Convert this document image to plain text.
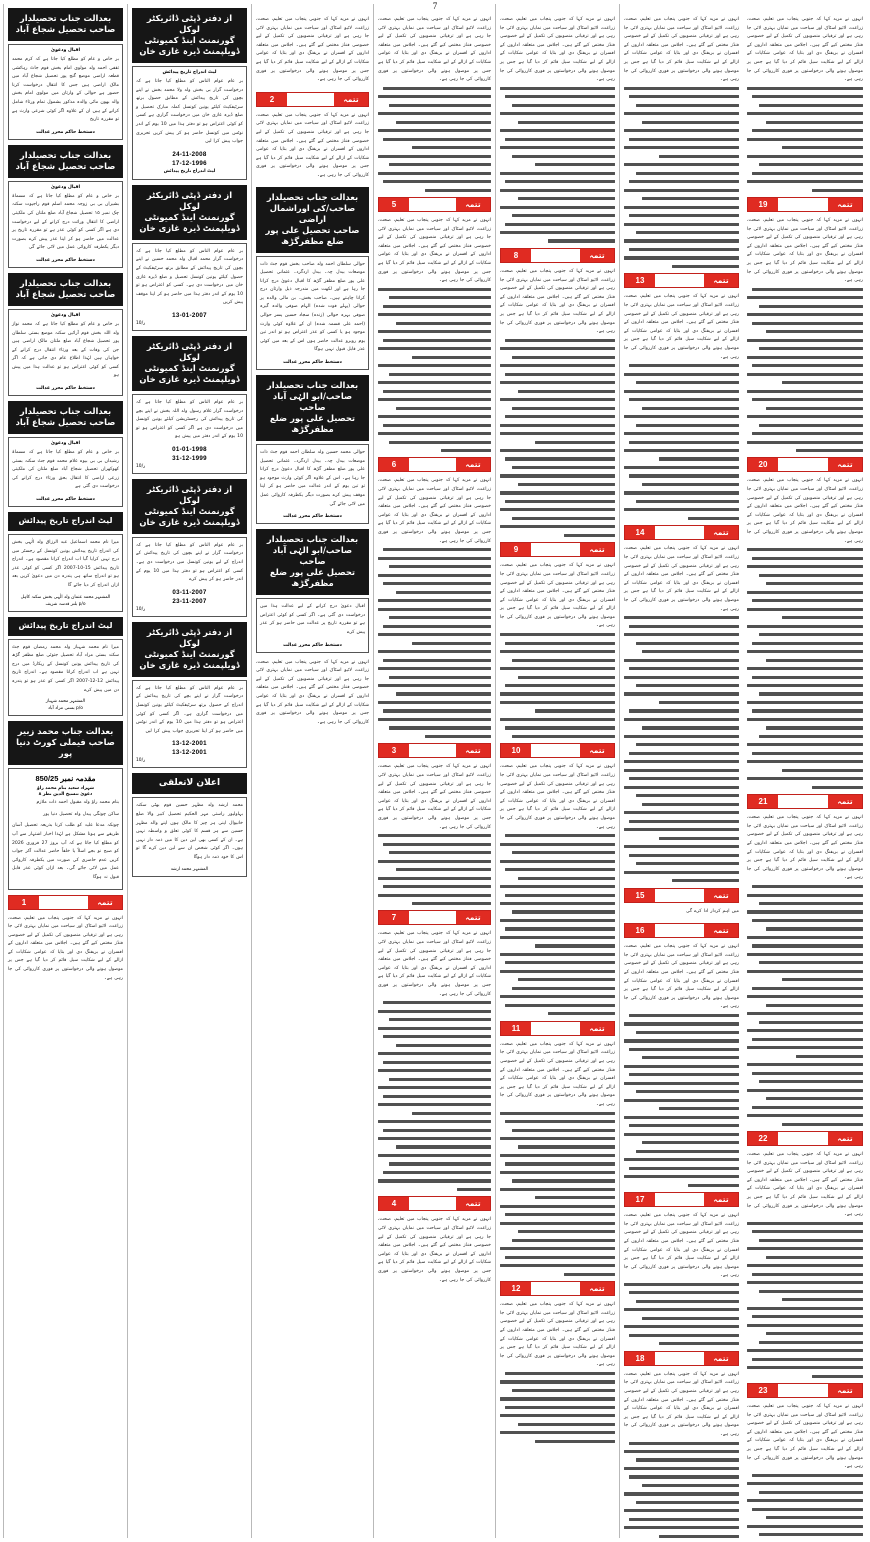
7
بعدالت جناب تحصیلدار
صاحب تحصیل شجاع آباد
اقبال ودعویٰ
بر خاص و عام کو مطلع کیا جاتا ہے کہ کرم محمد ثقفی احمد ولد مولوی امام بخش قوم جاٹ رہائشی قطعہ اراضی موضع گنج پور تحصیل شجاع آباد میں مالک اراضی ہیں جس کا انتقال درخواست کرنا حضور ہے حوالی کے وارثان میں مولوی امام بخش والد بھون مائی والدہ مذکور بشمول تمام ورثاء شامل کرانے کے ہیں ان کے علاوہ اگر کوئی شرعی وارث ہے تو مقررہ تاریخ
دستخط حاکم محرر عدالت
بعدالت جناب تحصیلدار
صاحب تحصیل شجاع آباد
اقبال ودعویٰ
بر خاص و عام کو مطلع کیا جاتا ہے کہ مسماۃ بشیراں بی بی زوجہ محمد اسلم قوم راجپوت سکنہ چک نمبر ۱۵ تحصیل شجاع آباد ضلع ملتان کی ملکیتی اراضی کا انتقال وراثت درج کرانے کے لیے درخواست دی ہے اگر کسی کو کوئی عذر ہے تو مقررہ تاریخ پر عدالت میں حاضر ہو کر اپنا عذر پیش کرے بصورت دیگر یکطرفہ کاروائی عمل میں لائی جائے گی
دستخط حاکم محرر عدالت
بعدالت جناب تحصیلدار
صاحب تحصیل شجاع آباد
اقبال ودعویٰ
بر خاص و عام کو مطلع کیا جاتا ہے کہ محمد نواز ولد اللہ بخش قوم آرائیں سکنہ موضع بستی سلطان پور تحصیل شجاع آباد ضلع ملتان مالک اراضی ہیں جن کی وفات کے بعد ورثاء انتقال درج کرانے کے خواہاں ہیں لہٰذا اطلاع عام دی جاتی ہے کہ اگر کسی کو کوئی اعتراض ہو تو عدالت ہذا میں پیش ہو
دستخط حاکم محرر عدالت
بعدالت جناب تحصیلدار
صاحب تحصیل شجاع آباد
اقبال ودعویٰ
بر خاص و عام کو مطلع کیا جاتا ہے کہ مسماۃ رشیداں بی بی بیوہ غلام محمد قوم جٹ سکنہ بستی کھوکھراں تحصیل شجاع آباد ضلع ملتان کی ملکیتی زرعی اراضی کا انتقال بحق ورثاء درج کرانے کی درخواست دی گئی ہے
دستخط حاکم محرر عدالت
لیٹ اندراج تاریخ پیدائش
میرا نام محمد اسماعیل عبد الرزاق ولد الٰہی بخش کی اندراج تاریخ پیدائش یونین کونسل کے رجسٹر میں درج نہیں کرایا گیا اب اندراج کرانا مقصود ہے۔ اندراج تاریخ پیدائش 15-10-2007 اگر کسی کو کوئی عذر ہو تو اندراج ساتھ ہی پندرہ دن میں دعویٰ کریں بعد ازاں اندراج کر دیا جائے گا
المشتہر محمد عثمان ولد الٰہی بخش سکنہ کاہل
p/o بلتر قدسہ شریف
لیٹ اندراج تاریخ پیدائش
میرا نام محمد شہباز ولد محمد رمضان قوم جٹ سکنہ بستی مراد آباد تحصیل جتوئی ضلع مظفر گڑھ کی تاریخ پیدائش یونین کونسل کے ریکارڈ میں درج نہیں ہے اب اندراج کرانا مقصود ہے۔ اندراج تاریخ پیدائش 12-12-2007 اگر کسی کو عذر ہو تو پندرہ دن میں پیش کرے
المشتہر محمد شہباز
p/o بستی مراد آباد
بعدالت جناب محمد زبیر
صاحب فیملی کورٹ دنیا پور
مقدمہ نمبر 850/25
شہزاد سعید بنام محمد راؤ
دعویٰ تنسیخ الدین نظر ۸
بنام محمد راؤ ولد مقبول احمد ذات ملازم
ساکن چونگی پیدل واہ تحصیل دنیا پور
چونکہ مدعا علیہ کو طلب کرنا بذریعہ تحصیل آسان طریقے سے ہونا مشکل ہے لہٰذا اخبار اشتہار سے آپ کو مطلع کیا جاتا ہے کہ آپ بروز 27 فروری 2026 کو صبح نو بجے اسلاً یا خلفاً حاضر عدالت آکر جواب کریں عدم حاضری کی صورت میں یکطرفہ کاروائی عمل میں لائی جائے گی۔ بعد ازاں کوئی عذر قابل قبول نہ ہوگا
1	تتمہ
انہوں نے مزید کہا کہ جنوبی پنجاب میں تعلیم، صحت، زراعت، لائیو اسٹاک اور سیاحت میں نمایاں بہتری لائی جا رہی ہے اور ترقیاتی منصوبوں کی تکمیل کے لیے خصوصی فنڈز مختص کیے گئے ہیں۔ اجلاس میں متعلقہ اداروں کے افسران نے بریفنگ دی اور بتایا کہ عوامی شکایات کے ازالے کے لیے شکایت سیل قائم کر دیا گیا ہے جس پر موصول ہونے والی درخواستوں پر فوری کارروائی کی جا رہی ہے۔
از دفتر ڈپٹی ڈائریکٹر لوکل
گورنمنٹ اینڈ کمیونٹی
ڈویلپمنٹ ڈیرہ غازی خان
لیٹ اندراج تاریخ پیدائش
بر عام عوام الناس کو مطلع کیا جاتا ہے کہ درخواست گزار بی بخش ولد ولا محمد بخش نے اپنے بچوں کی تاریخ پیدائش کے مطابق حصول برتھ سرٹیفکیٹ کیلئے یونین کونسل کملہ مبارک تحصیل و ضلع ڈیرہ غازی خان میں درخواست گزاری ہے کسی کو کوئی اعتراض ہو تو دفتر ہذا میں 10 یوم کے اندر نوٹس میں کونسل حاضر ہو کر پیش کریں تحریری جواب پیش کرا لیں
24-11-2008
17-12-1996
لیٹ اندراج تاریخ پیدائش
از دفتر ڈپٹی ڈائریکٹر لوکل
گورنمنٹ اینڈ کمیونٹی
ڈویلپمنٹ ڈیرہ غازی خان
بر عام عوام الناس کو مطلع کیا جاتا ہے کہ درخواست گزار محمد اقبال ولد محمد حسین نے اپنے بچوں کی تاریخ پیدائش کے مطابق برتھ سرٹیفکیٹ کے حصول کیلئے یونین کونسل تحصیل و ضلع ڈیرہ غازی خان میں درخواست دی ہے۔ کسی کو اعتراض ہو تو 10 یوم کے اندر دفتر ہذا میں حاضر ہو کر اپنا موقف پیش کریں
13-01-2007
ر/10
از دفتر ڈپٹی ڈائریکٹر لوکل
گورنمنٹ اینڈ کمیونٹی
ڈویلپمنٹ ڈیرہ غازی خان
بر عام عوام الناس کو مطلع کیا جاتا ہے کہ درخواست گزار غلام رسول ولد اللہ بخش نے اپنے بچے کی تاریخ پیدائش کی رجسٹریشن کیلئے یونین کونسل میں درخواست دی ہے اگر کسی کو اعتراض ہو تو 10 یوم کے اندر دفتر میں پیش ہو
01-01-1998
31-12-1999
ر/10
از دفتر ڈپٹی ڈائریکٹر لوکل
گورنمنٹ اینڈ کمیونٹی
ڈویلپمنٹ ڈیرہ غازی خان
بر عام عوام الناس کو مطلع کیا جاتا ہے کہ درخواست گزار نے اپنے بچوں کی تاریخ پیدائش کے اندراج کے لیے یونین کونسل میں درخواست دی ہے۔ کسی کو اعتراض ہو تو دفتر ہذا میں 10 یوم کے اندر حاضر ہو کر پیش کرے
03-11-2007
23-11-2007
ر/10
از دفتر ڈپٹی ڈائریکٹر لوکل
گورنمنٹ اینڈ کمیونٹی
ڈویلپمنٹ ڈیرہ غازی خان
بر عام عوام الناس کو مطلع کیا جاتا ہے کہ درخواست گزار نے اپنے بچے کی تاریخ پیدائش کے اندراج کے حصول برتھ سرٹیفکیٹ کیلئے یونین کونسل میں درخواست گزاری ہے۔ اگر کسی کو کوئی اعتراض ہو تو دفتر ہذا میں 10 یوم کے اندر نوٹس میں حاضر ہو کر اپنا تحریری جواب پیش کرا لیں
13-12-2001
13-12-2001
ر/10
اعلان لاتعلقی
محمد ارشد ولد مظہر حسین قوم بھٹی سکنہ بہاولپور راستی مہر الحکیم تحصیل کبیر والا ضلع خانیوال اپنی ہر چیز کا مالک ہوں اپنے والد مظہر حسین سے ہر قسم کا کوئی تعلق و واسطہ نہیں ہے۔ ان کے کسی بھی لین دین کا میں ذمہ دار نہیں ہوں۔ اگر کوئی شخص ان سے لین دین کرے گا تو اس کا خود ذمہ دار ہوگا
المشتہر محمد ارشد
انہوں نے مزید کہا کہ جنوبی پنجاب میں تعلیم، صحت، زراعت، لائیو اسٹاک اور سیاحت میں نمایاں بہتری لائی جا رہی ہے اور ترقیاتی منصوبوں کی تکمیل کے لیے خصوصی فنڈز مختص کیے گئے ہیں۔ اجلاس میں متعلقہ اداروں کے افسران نے بریفنگ دی اور بتایا کہ عوامی شکایات کے ازالے کے لیے شکایت سیل قائم کر دیا گیا ہے جس پر موصول ہونے والی درخواستوں پر فوری کارروائی کی جا رہی ہے۔
2	تتمہ
انہوں نے مزید کہا کہ جنوبی پنجاب میں تعلیم، صحت، زراعت، لائیو اسٹاک اور سیاحت میں نمایاں بہتری لائی جا رہی ہے اور ترقیاتی منصوبوں کی تکمیل کے لیے خصوصی فنڈز مختص کیے گئے ہیں۔ اجلاس میں متعلقہ اداروں کے افسران نے بریفنگ دی اور بتایا کہ عوامی شکایات کے ازالے کے لیے شکایت سیل قائم کر دیا گیا ہے جس پر موصول ہونے والی درخواستوں پر فوری کارروائی کی جا رہی ہے۔
بعدالت جناب تحصیلدار
صاحب/کی اوراشمال اراضی
صاحب تحصیل علی پور ضلع مظفرگڑھ
حوالی سلطان احمد ولد صاحب بخش قوم جٹ ذات موضعات بیدل چہ۔ بیدل اردگرد۔ عثمانی تحصیل علی پور ضلع مظفر گڑھ کا اقبال دعویٰ درج کرانا جا رہا ہے اور لکھت میں مندرجہ ذیل وارثان درج کرانا چاہتے ہیں۔ صاحب بخش۔ بن مالی والدہ پر حوالی (پہلے فوت شدہ) الہام صوفی والدہ گیرہ صوفی بہرہ حوالی (زندہ) سجاد حسین پسر حوالی (احمد علی قسمہ شدہ) ان کے علاوہ کوئی وارث موجود ہو یا کسی کو عذر اعتراض ہو تو اندر تین یوم روبرو عدالت حاضر ہوں اس کے بعد میں کوئی عذر قابل قبول نہیں ہوگا
دستخط حاکم محرر عدالت
بعدالت جناب تحصیلدار
صاحب/ابو الہٰی آباد صاحب
تحصیل علی پور ضلع مظفرگڑھ
حوالی محمد حسین ولد سلطان احمد قوم جٹ ذات موضعات بیدل چہ۔ بیدل اردگرد۔ عثمانی تحصیل علی پور ضلع مظفر گڑھ کا اقبال دعویٰ درج کرانا جا رہا ہے۔ اس کے علاوہ اگر کوئی وارث موجود ہو تو تین یوم کے اندر عدالت میں حاضر ہو کر اپنا موقف پیش کرے بصورت دیگر یکطرفہ کاروائی عمل میں لائی جائے گی
دستخط حاکم محرر عدالت
بعدالت جناب تحصیلدار
صاحب/ابو الہٰی آباد صاحب
تحصیل علی پور ضلع مظفرگڑھ
اقبال دعویٰ درج کرانے کے لیے عدالت ہذا میں درخواست دی گئی ہے۔ اگر کسی کو کوئی اعتراض ہے تو مقررہ تاریخ پر عدالت میں حاضر ہو کر عذر پیش کرے
دستخط حاکم محرر عدالت
انہوں نے مزید کہا کہ جنوبی پنجاب میں تعلیم، صحت، زراعت، لائیو اسٹاک اور سیاحت میں نمایاں بہتری لائی جا رہی ہے اور ترقیاتی منصوبوں کی تکمیل کے لیے خصوصی فنڈز مختص کیے گئے ہیں۔ اجلاس میں متعلقہ اداروں کے افسران نے بریفنگ دی اور بتایا کہ عوامی شکایات کے ازالے کے لیے شکایت سیل قائم کر دیا گیا ہے جس پر موصول ہونے والی درخواستوں پر فوری کارروائی کی جا رہی ہے۔
انہوں نے مزید کہا کہ جنوبی پنجاب میں تعلیم، صحت، زراعت، لائیو اسٹاک اور سیاحت میں نمایاں بہتری لائی جا رہی ہے اور ترقیاتی منصوبوں کی تکمیل کے لیے خصوصی فنڈز مختص کیے گئے ہیں۔ اجلاس میں متعلقہ اداروں کے افسران نے بریفنگ دی اور بتایا کہ عوامی شکایات کے ازالے کے لیے شکایت سیل قائم کر دیا گیا ہے جس پر موصول ہونے والی درخواستوں پر فوری کارروائی کی جا رہی ہے۔
5	تتمہ
انہوں نے مزید کہا کہ جنوبی پنجاب میں تعلیم، صحت، زراعت، لائیو اسٹاک اور سیاحت میں نمایاں بہتری لائی جا رہی ہے اور ترقیاتی منصوبوں کی تکمیل کے لیے خصوصی فنڈز مختص کیے گئے ہیں۔ اجلاس میں متعلقہ اداروں کے افسران نے بریفنگ دی اور بتایا کہ عوامی شکایات کے ازالے کے لیے شکایت سیل قائم کر دیا گیا ہے جس پر موصول ہونے والی درخواستوں پر فوری کارروائی کی جا رہی ہے۔
6	تتمہ
انہوں نے مزید کہا کہ جنوبی پنجاب میں تعلیم، صحت، زراعت، لائیو اسٹاک اور سیاحت میں نمایاں بہتری لائی جا رہی ہے اور ترقیاتی منصوبوں کی تکمیل کے لیے خصوصی فنڈز مختص کیے گئے ہیں۔ اجلاس میں متعلقہ اداروں کے افسران نے بریفنگ دی اور بتایا کہ عوامی شکایات کے ازالے کے لیے شکایت سیل قائم کر دیا گیا ہے جس پر موصول ہونے والی درخواستوں پر فوری کارروائی کی جا رہی ہے۔
3	تتمہ
انہوں نے مزید کہا کہ جنوبی پنجاب میں تعلیم، صحت، زراعت، لائیو اسٹاک اور سیاحت میں نمایاں بہتری لائی جا رہی ہے اور ترقیاتی منصوبوں کی تکمیل کے لیے خصوصی فنڈز مختص کیے گئے ہیں۔ اجلاس میں متعلقہ اداروں کے افسران نے بریفنگ دی اور بتایا کہ عوامی شکایات کے ازالے کے لیے شکایت سیل قائم کر دیا گیا ہے جس پر موصول ہونے والی درخواستوں پر فوری کارروائی کی جا رہی ہے۔
7	تتمہ
انہوں نے مزید کہا کہ جنوبی پنجاب میں تعلیم، صحت، زراعت، لائیو اسٹاک اور سیاحت میں نمایاں بہتری لائی جا رہی ہے اور ترقیاتی منصوبوں کی تکمیل کے لیے خصوصی فنڈز مختص کیے گئے ہیں۔ اجلاس میں متعلقہ اداروں کے افسران نے بریفنگ دی اور بتایا کہ عوامی شکایات کے ازالے کے لیے شکایت سیل قائم کر دیا گیا ہے جس پر موصول ہونے والی درخواستوں پر فوری کارروائی کی جا رہی ہے۔
4	تتمہ
انہوں نے مزید کہا کہ جنوبی پنجاب میں تعلیم، صحت، زراعت، لائیو اسٹاک اور سیاحت میں نمایاں بہتری لائی جا رہی ہے اور ترقیاتی منصوبوں کی تکمیل کے لیے خصوصی فنڈز مختص کیے گئے ہیں۔ اجلاس میں متعلقہ اداروں کے افسران نے بریفنگ دی اور بتایا کہ عوامی شکایات کے ازالے کے لیے شکایت سیل قائم کر دیا گیا ہے جس پر موصول ہونے والی درخواستوں پر فوری کارروائی کی جا رہی ہے۔
انہوں نے مزید کہا کہ جنوبی پنجاب میں تعلیم، صحت، زراعت، لائیو اسٹاک اور سیاحت میں نمایاں بہتری لائی جا رہی ہے اور ترقیاتی منصوبوں کی تکمیل کے لیے خصوصی فنڈز مختص کیے گئے ہیں۔ اجلاس میں متعلقہ اداروں کے افسران نے بریفنگ دی اور بتایا کہ عوامی شکایات کے ازالے کے لیے شکایت سیل قائم کر دیا گیا ہے جس پر موصول ہونے والی درخواستوں پر فوری کارروائی کی جا رہی ہے۔
8	تتمہ
انہوں نے مزید کہا کہ جنوبی پنجاب میں تعلیم، صحت، زراعت، لائیو اسٹاک اور سیاحت میں نمایاں بہتری لائی جا رہی ہے اور ترقیاتی منصوبوں کی تکمیل کے لیے خصوصی فنڈز مختص کیے گئے ہیں۔ اجلاس میں متعلقہ اداروں کے افسران نے بریفنگ دی اور بتایا کہ عوامی شکایات کے ازالے کے لیے شکایت سیل قائم کر دیا گیا ہے جس پر موصول ہونے والی درخواستوں پر فوری کارروائی کی جا رہی ہے۔
9	تتمہ
انہوں نے مزید کہا کہ جنوبی پنجاب میں تعلیم، صحت، زراعت، لائیو اسٹاک اور سیاحت میں نمایاں بہتری لائی جا رہی ہے اور ترقیاتی منصوبوں کی تکمیل کے لیے خصوصی فنڈز مختص کیے گئے ہیں۔ اجلاس میں متعلقہ اداروں کے افسران نے بریفنگ دی اور بتایا کہ عوامی شکایات کے ازالے کے لیے شکایت سیل قائم کر دیا گیا ہے جس پر موصول ہونے والی درخواستوں پر فوری کارروائی کی جا رہی ہے۔
10	تتمہ
انہوں نے مزید کہا کہ جنوبی پنجاب میں تعلیم، صحت، زراعت، لائیو اسٹاک اور سیاحت میں نمایاں بہتری لائی جا رہی ہے اور ترقیاتی منصوبوں کی تکمیل کے لیے خصوصی فنڈز مختص کیے گئے ہیں۔ اجلاس میں متعلقہ اداروں کے افسران نے بریفنگ دی اور بتایا کہ عوامی شکایات کے ازالے کے لیے شکایت سیل قائم کر دیا گیا ہے جس پر موصول ہونے والی درخواستوں پر فوری کارروائی کی جا رہی ہے۔
11	تتمہ
انہوں نے مزید کہا کہ جنوبی پنجاب میں تعلیم، صحت، زراعت، لائیو اسٹاک اور سیاحت میں نمایاں بہتری لائی جا رہی ہے اور ترقیاتی منصوبوں کی تکمیل کے لیے خصوصی فنڈز مختص کیے گئے ہیں۔ اجلاس میں متعلقہ اداروں کے افسران نے بریفنگ دی اور بتایا کہ عوامی شکایات کے ازالے کے لیے شکایت سیل قائم کر دیا گیا ہے جس پر موصول ہونے والی درخواستوں پر فوری کارروائی کی جا رہی ہے۔
12	تتمہ
انہوں نے مزید کہا کہ جنوبی پنجاب میں تعلیم، صحت، زراعت، لائیو اسٹاک اور سیاحت میں نمایاں بہتری لائی جا رہی ہے اور ترقیاتی منصوبوں کی تکمیل کے لیے خصوصی فنڈز مختص کیے گئے ہیں۔ اجلاس میں متعلقہ اداروں کے افسران نے بریفنگ دی اور بتایا کہ عوامی شکایات کے ازالے کے لیے شکایت سیل قائم کر دیا گیا ہے جس پر موصول ہونے والی درخواستوں پر فوری کارروائی کی جا رہی ہے۔
انہوں نے مزید کہا کہ جنوبی پنجاب میں تعلیم، صحت، زراعت، لائیو اسٹاک اور سیاحت میں نمایاں بہتری لائی جا رہی ہے اور ترقیاتی منصوبوں کی تکمیل کے لیے خصوصی فنڈز مختص کیے گئے ہیں۔ اجلاس میں متعلقہ اداروں کے افسران نے بریفنگ دی اور بتایا کہ عوامی شکایات کے ازالے کے لیے شکایت سیل قائم کر دیا گیا ہے جس پر موصول ہونے والی درخواستوں پر فوری کارروائی کی جا رہی ہے۔
13	تتمہ
انہوں نے مزید کہا کہ جنوبی پنجاب میں تعلیم، صحت، زراعت، لائیو اسٹاک اور سیاحت میں نمایاں بہتری لائی جا رہی ہے اور ترقیاتی منصوبوں کی تکمیل کے لیے خصوصی فنڈز مختص کیے گئے ہیں۔ اجلاس میں متعلقہ اداروں کے افسران نے بریفنگ دی اور بتایا کہ عوامی شکایات کے ازالے کے لیے شکایت سیل قائم کر دیا گیا ہے جس پر موصول ہونے والی درخواستوں پر فوری کارروائی کی جا رہی ہے۔
14	تتمہ
انہوں نے مزید کہا کہ جنوبی پنجاب میں تعلیم، صحت، زراعت، لائیو اسٹاک اور سیاحت میں نمایاں بہتری لائی جا رہی ہے اور ترقیاتی منصوبوں کی تکمیل کے لیے خصوصی فنڈز مختص کیے گئے ہیں۔ اجلاس میں متعلقہ اداروں کے افسران نے بریفنگ دی اور بتایا کہ عوامی شکایات کے ازالے کے لیے شکایت سیل قائم کر دیا گیا ہے جس پر موصول ہونے والی درخواستوں پر فوری کارروائی کی جا رہی ہے۔
15	تتمہ
میں اہم کردار ادا کرے گی
16	تتمہ
انہوں نے مزید کہا کہ جنوبی پنجاب میں تعلیم، صحت، زراعت، لائیو اسٹاک اور سیاحت میں نمایاں بہتری لائی جا رہی ہے اور ترقیاتی منصوبوں کی تکمیل کے لیے خصوصی فنڈز مختص کیے گئے ہیں۔ اجلاس میں متعلقہ اداروں کے افسران نے بریفنگ دی اور بتایا کہ عوامی شکایات کے ازالے کے لیے شکایت سیل قائم کر دیا گیا ہے جس پر موصول ہونے والی درخواستوں پر فوری کارروائی کی جا رہی ہے۔
17	تتمہ
انہوں نے مزید کہا کہ جنوبی پنجاب میں تعلیم، صحت، زراعت، لائیو اسٹاک اور سیاحت میں نمایاں بہتری لائی جا رہی ہے اور ترقیاتی منصوبوں کی تکمیل کے لیے خصوصی فنڈز مختص کیے گئے ہیں۔ اجلاس میں متعلقہ اداروں کے افسران نے بریفنگ دی اور بتایا کہ عوامی شکایات کے ازالے کے لیے شکایت سیل قائم کر دیا گیا ہے جس پر موصول ہونے والی درخواستوں پر فوری کارروائی کی جا رہی ہے۔
18	تتمہ
انہوں نے مزید کہا کہ جنوبی پنجاب میں تعلیم، صحت، زراعت، لائیو اسٹاک اور سیاحت میں نمایاں بہتری لائی جا رہی ہے اور ترقیاتی منصوبوں کی تکمیل کے لیے خصوصی فنڈز مختص کیے گئے ہیں۔ اجلاس میں متعلقہ اداروں کے افسران نے بریفنگ دی اور بتایا کہ عوامی شکایات کے ازالے کے لیے شکایت سیل قائم کر دیا گیا ہے جس پر موصول ہونے والی درخواستوں پر فوری کارروائی کی جا رہی ہے۔
انہوں نے مزید کہا کہ جنوبی پنجاب میں تعلیم، صحت، زراعت، لائیو اسٹاک اور سیاحت میں نمایاں بہتری لائی جا رہی ہے اور ترقیاتی منصوبوں کی تکمیل کے لیے خصوصی فنڈز مختص کیے گئے ہیں۔ اجلاس میں متعلقہ اداروں کے افسران نے بریفنگ دی اور بتایا کہ عوامی شکایات کے ازالے کے لیے شکایت سیل قائم کر دیا گیا ہے جس پر موصول ہونے والی درخواستوں پر فوری کارروائی کی جا رہی ہے۔
19	تتمہ
انہوں نے مزید کہا کہ جنوبی پنجاب میں تعلیم، صحت، زراعت، لائیو اسٹاک اور سیاحت میں نمایاں بہتری لائی جا رہی ہے اور ترقیاتی منصوبوں کی تکمیل کے لیے خصوصی فنڈز مختص کیے گئے ہیں۔ اجلاس میں متعلقہ اداروں کے افسران نے بریفنگ دی اور بتایا کہ عوامی شکایات کے ازالے کے لیے شکایت سیل قائم کر دیا گیا ہے جس پر موصول ہونے والی درخواستوں پر فوری کارروائی کی جا رہی ہے۔
20	تتمہ
انہوں نے مزید کہا کہ جنوبی پنجاب میں تعلیم، صحت، زراعت، لائیو اسٹاک اور سیاحت میں نمایاں بہتری لائی جا رہی ہے اور ترقیاتی منصوبوں کی تکمیل کے لیے خصوصی فنڈز مختص کیے گئے ہیں۔ اجلاس میں متعلقہ اداروں کے افسران نے بریفنگ دی اور بتایا کہ عوامی شکایات کے ازالے کے لیے شکایت سیل قائم کر دیا گیا ہے جس پر موصول ہونے والی درخواستوں پر فوری کارروائی کی جا رہی ہے۔
21	تتمہ
انہوں نے مزید کہا کہ جنوبی پنجاب میں تعلیم، صحت، زراعت، لائیو اسٹاک اور سیاحت میں نمایاں بہتری لائی جا رہی ہے اور ترقیاتی منصوبوں کی تکمیل کے لیے خصوصی فنڈز مختص کیے گئے ہیں۔ اجلاس میں متعلقہ اداروں کے افسران نے بریفنگ دی اور بتایا کہ عوامی شکایات کے ازالے کے لیے شکایت سیل قائم کر دیا گیا ہے جس پر موصول ہونے والی درخواستوں پر فوری کارروائی کی جا رہی ہے۔
22	تتمہ
انہوں نے مزید کہا کہ جنوبی پنجاب میں تعلیم، صحت، زراعت، لائیو اسٹاک اور سیاحت میں نمایاں بہتری لائی جا رہی ہے اور ترقیاتی منصوبوں کی تکمیل کے لیے خصوصی فنڈز مختص کیے گئے ہیں۔ اجلاس میں متعلقہ اداروں کے افسران نے بریفنگ دی اور بتایا کہ عوامی شکایات کے ازالے کے لیے شکایت سیل قائم کر دیا گیا ہے جس پر موصول ہونے والی درخواستوں پر فوری کارروائی کی جا رہی ہے۔
23	تتمہ
انہوں نے مزید کہا کہ جنوبی پنجاب میں تعلیم، صحت، زراعت، لائیو اسٹاک اور سیاحت میں نمایاں بہتری لائی جا رہی ہے اور ترقیاتی منصوبوں کی تکمیل کے لیے خصوصی فنڈز مختص کیے گئے ہیں۔ اجلاس میں متعلقہ اداروں کے افسران نے بریفنگ دی اور بتایا کہ عوامی شکایات کے ازالے کے لیے شکایت سیل قائم کر دیا گیا ہے جس پر موصول ہونے والی درخواستوں پر فوری کارروائی کی جا رہی ہے۔
